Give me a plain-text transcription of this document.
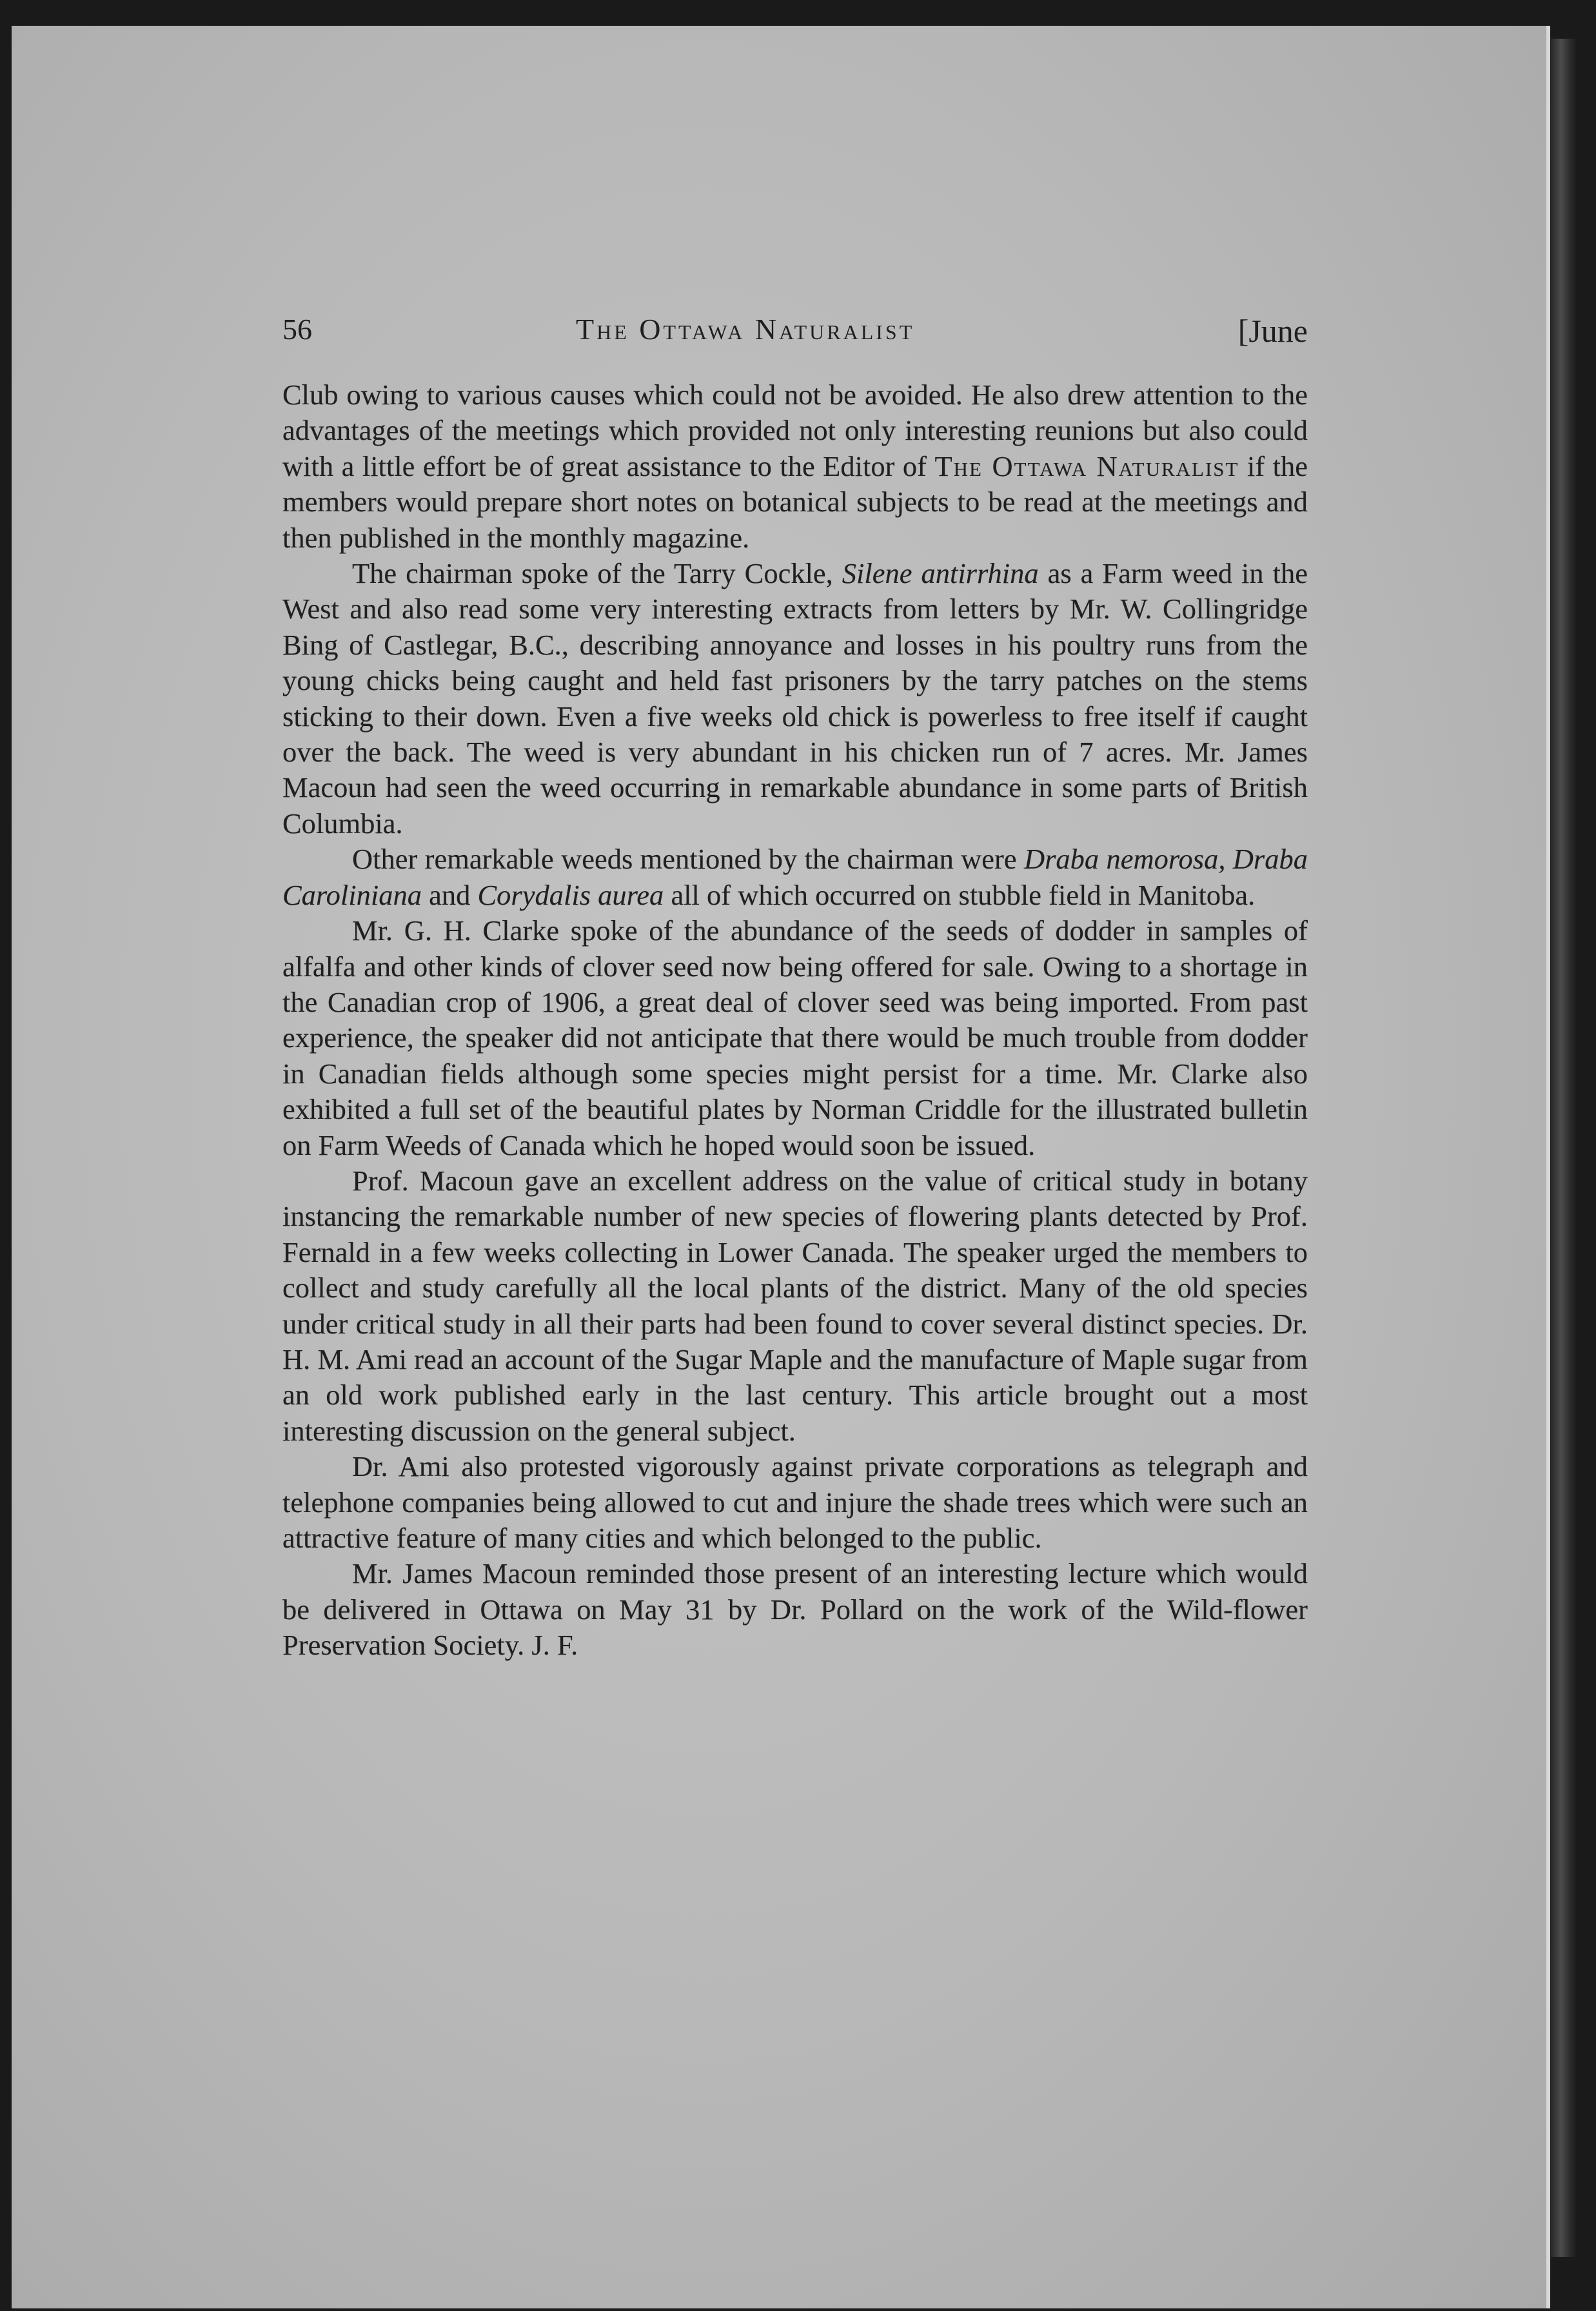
56	The Ottawa Naturalist	[June

Club owing to various causes which could not be avoided. He also drew attention to the advantages of the meetings which provided not only interesting reunions but also could with a little effort be of great assistance to the Editor of The Ottawa Naturalist if the members would prepare short notes on botanical subjects to be read at the meetings and then published in the monthly magazine.

The chairman spoke of the Tarry Cockle, Silene antirrhina as a Farm weed in the West and also read some very interesting extracts from letters by Mr. W. Collingridge Bing of Castlegar, B.C., describing annoyance and losses in his poultry runs from the young chicks being caught and held fast prisoners by the tarry patches on the stems sticking to their down. Even a five weeks old chick is powerless to free itself if caught over the back. The weed is very abundant in his chicken run of 7 acres. Mr. James Macoun had seen the weed occurring in remarkable abundance in some parts of British Columbia.

Other remarkable weeds mentioned by the chairman were Draba nemorosa, Draba Caroliniana and Corydalis aurea all of which occurred on stubble field in Manitoba.

Mr. G. H. Clarke spoke of the abundance of the seeds of dodder in samples of alfalfa and other kinds of clover seed now being offered for sale. Owing to a shortage in the Canadian crop of 1906, a great deal of clover seed was being imported. From past experience, the speaker did not anticipate that there would be much trouble from dodder in Canadian fields although some species might persist for a time. Mr. Clarke also exhibited a full set of the beautiful plates by Norman Criddle for the illustrated bulletin on Farm Weeds of Canada which he hoped would soon be issued.

Prof. Macoun gave an excellent address on the value of critical study in botany instancing the remarkable number of new species of flowering plants detected by Prof. Fernald in a few weeks collecting in Lower Canada. The speaker urged the members to collect and study carefully all the local plants of the district. Many of the old species under critical study in all their parts had been found to cover several distinct species. Dr. H. M. Ami read an account of the Sugar Maple and the manufacture of Maple sugar from an old work published early in the last century. This article brought out a most interesting discussion on the general subject.

Dr. Ami also protested vigorously against private corporations as telegraph and telephone companies being allowed to cut and injure the shade trees which were such an attractive feature of many cities and which belonged to the public.

Mr. James Macoun reminded those present of an interesting lecture which would be delivered in Ottawa on May 31 by Dr. Pollard on the work of the Wild-flower Preservation Society. J. F.
